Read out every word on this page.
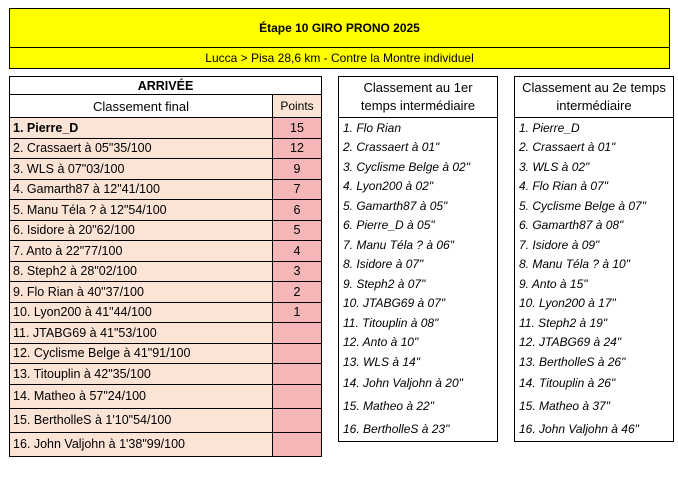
Étape 10 GIRO PRONO 2025
Lucca > Pisa 28,6 km - Contre la Montre individuel
ARRIVÉE	
Classement final	Points
1. Pierre_D	15
2. Crassaert à 05"35/100	12
3. WLS à 07"03/100	9
4. Gamarth87 à 12"41/100	7
5. Manu Téla ? à 12"54/100	6
6. Isidore à 20"62/100	5
7. Anto à 22"77/100	4
8. Steph2 à 28"02/100	3
9. Flo Rian à 40"37/100	2
10. Lyon200 à 41"44/100	1
11. JTABG69 à 41"53/100	
12. Cyclisme Belge à 41"91/100	
13. Titouplin à 42"35/100	
14. Matheo à 57"24/100	
15. BertholleS à 1'10"54/100	
16. John Valjohn à 1'38"99/100	
Classement au 1er
temps intermédiaire
1. Flo Rian
2. Crassaert à 01"
3. Cyclisme Belge à 02"
4. Lyon200 à 02"
5. Gamarth87 à 05"
6. Pierre_D à 05"
7. Manu Téla ? à 06"
8. Isidore à 07"
9. Steph2 à 07"
10. JTABG69 à 07"
11. Titouplin à 08"
12. Anto à 10"
13. WLS à 14"
14. John Valjohn à 20"
15. Matheo à 22"
16. BertholleS à 23"
Classement au 2e temps
intermédiaire
1. Pierre_D
2. Crassaert à 01"
3. WLS à 02"
4. Flo Rian à 07"
5. Cyclisme Belge à 07"
6. Gamarth87 à 08"
7. Isidore à 09"
8. Manu Téla ? à 10"
9. Anto à 15"
10. Lyon200 à 17"
11. Steph2 à 19"
12. JTABG69 à 24"
13. BertholleS à 26"
14. Titouplin à 26"
15. Matheo à 37"
16. John Valjohn à 46"
